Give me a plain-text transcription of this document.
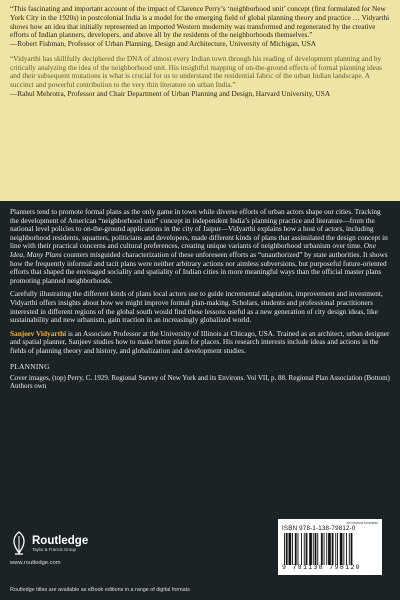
“This fascinating and important account of the impact of Clarence Perry’s ‘neighborhood unit’ concept (first formulated for New York City in the 1920s) in postcolonial India is a model for the emerging field of global planning theory and practice … Vidyarthi shows how an idea that initially represented an imported Western modernity was transformed and regenerated by the creative efforts of Indian planners, developers, and above all by the residents of the neighborhoods themselves.”

—Robert Fishman, Professor of Urban Planning, Design and Architecture, University of Michigan, USA

“Vidyarthi has skillfully deciphered the DNA of almost every Indian town through his reading of development planning and by critically analyzing the idea of the neighborhood unit. His insightful mapping of on-the-ground effects of formal planning ideas and their subsequent mutations is what is crucial for us to understand the residential fabric of the urban Indian landscape. A succinct and powerful contribution to the very thin literature on urban India.”

—Rahul Mehrotra, Professor and Chair Department of Urban Planning and Design, Harvard University, USA

Planners tend to promote formal plans as the only game in town while diverse efforts of urban actors shape our cities. Tracking the development of American “neighborhood unit” concept in independent India’s planning practice and literature—from the national level policies to on-the-ground applications in the city of Jaipur—Vidyarthi explains how a host of actors, including neighborhood residents, squatters, politicians and developers, made different kinds of plans that assimilated the design concept in line with their practical concerns and cultural preferences, creating unique variants of neighborhood urbanism over time. One Idea, Many Plans counters misguided characterization of these unforeseen efforts as “unauthorized” by state authorities. It shows how the frequently informal and tacit plans were neither arbitrary actions nor aimless subversions, but purposeful future-oriented efforts that shaped the envisaged sociality and spatiality of Indian cities in more meaningful ways than the official master plans promoting planned neighborhoods.

Carefully illustrating the different kinds of plans local actors use to guide incremental adaptation, improvement and investment, Vidyarthi offers insights about how we might improve formal plan-making. Scholars, students and professional practitioners interested in different regions of the global south would find these lessons useful as a new generation of city design ideas, like sustainability and new urbanism, gain traction in an increasingly globalized world.

Sanjeev Vidyarthi is an Associate Professor at the University of Illinois at Chicago, USA. Trained as an architect, urban designer and spatial planner, Sanjeev studies how to make better plans for places. His research interests include ideas and actions in the fields of planning theory and history, and globalization and development studies.

PLANNING

Cover images, (top) Perry, C. 1929. Regional Survey of New York and its Environs. Vol VII, p. 88. Regional Plan Association (Bottom) Authors own

Routledge
Taylor & Francis Group
www.routledge.com
Routledge titles are available as eBook editions in a range of digital formats
an informa business
ISBN 978-1-138-79812-0
9 781138 798120
